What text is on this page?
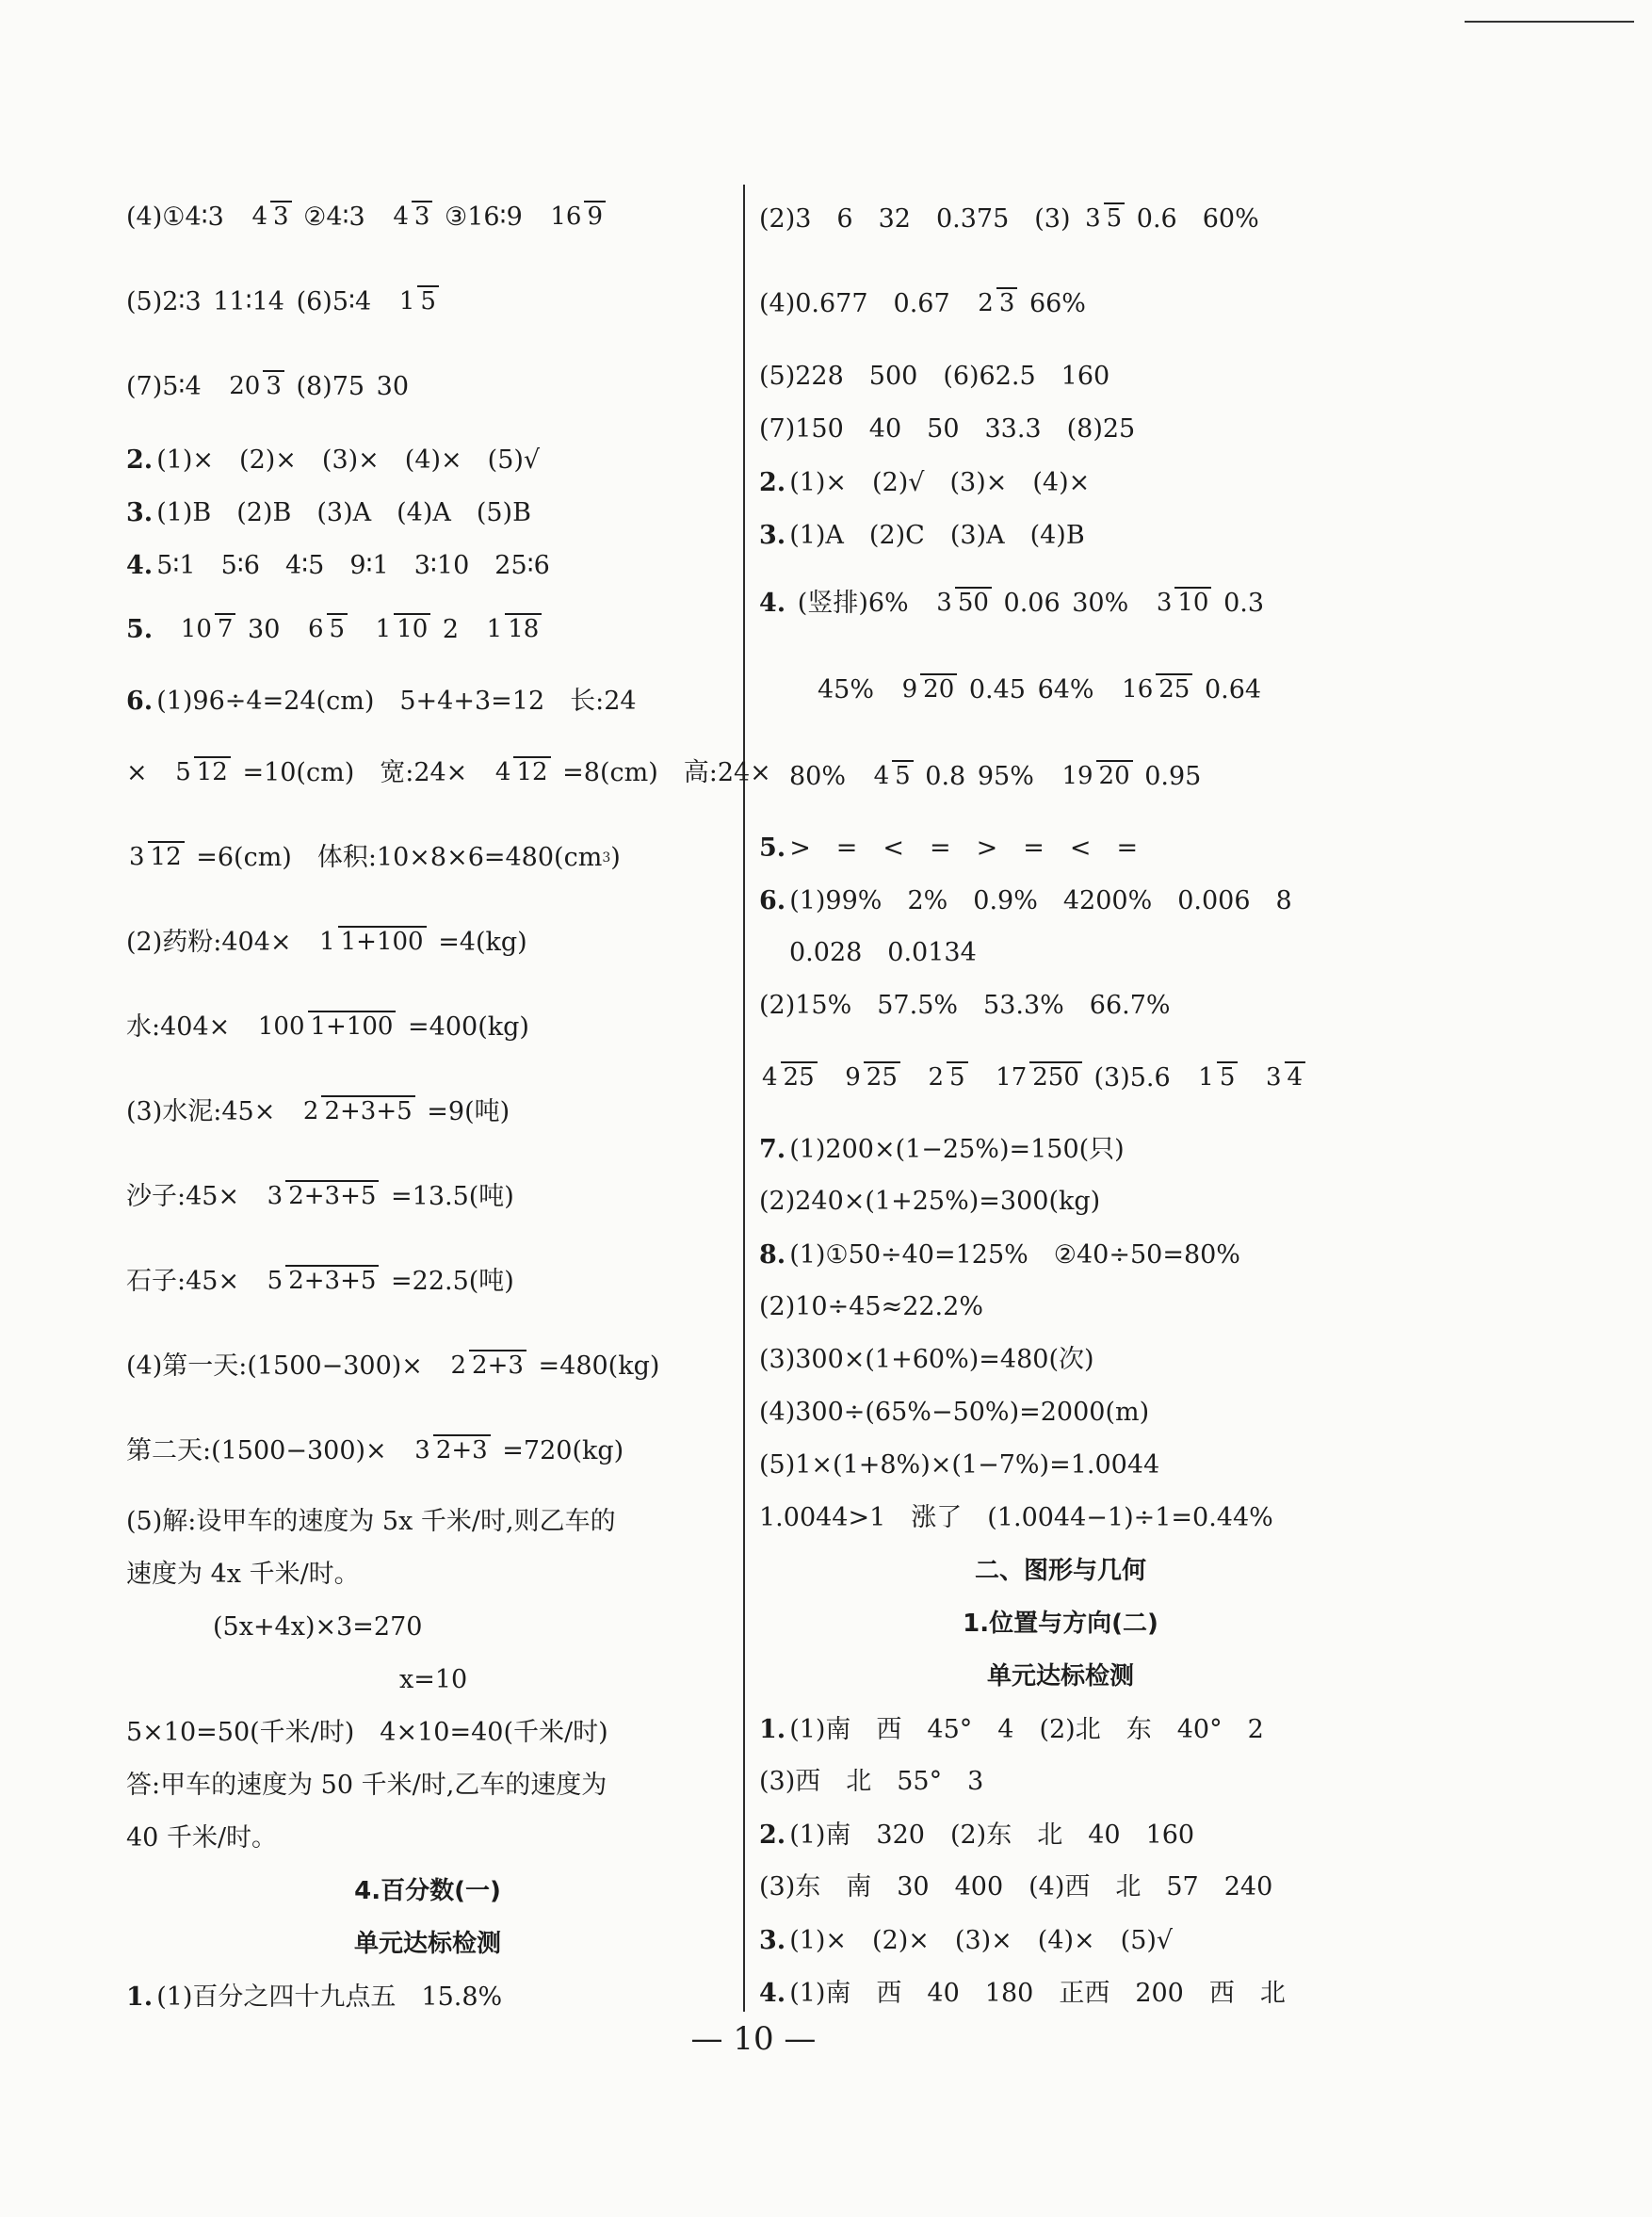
(4)①4∶3 4 3 ②4∶3 4 3 ③16∶9 16 9
(5)2∶3 11∶14 (6)5∶4 1 5
(7)5∶4 20 3 (8)75 30
2. (1)×　(2)×　(3)×　(4)×　(5)√
3. (1)B　(2)B　(3)A　(4)A　(5)B
4. 5∶1　5∶6　4∶5　9∶1　3∶10　25∶6
5. 10 7 30 6 5 1 10 2 1 18
6. (1)96÷4=24(cm)　5+4+3=12　长:24
× 5 12 =10(cm)　宽:24× 4 12 =8(cm)　高:24×
3 12 =6(cm)　体积$:10\times 8\times 6=480(cm^3)$
(2)药粉:404× 1 1+100 =4(kg)
水:404× 100 1+100 =400(kg)
(3)水泥:45× 2 2+3+5 =9(吨)
沙子:45× 3 2+3+5 =13.5(吨)
石子:45× 5 2+3+5 =22.5(吨)
(4)第一天:(1500−300)× 2 2+3 =480(kg)
第二天:(1500−300)× 3 2+3 =720(kg)
(5)解:设甲车的速度为 5x 千米/时,则乙车的
速度为 4x 千米/时。
(5x+4x)×3=270
x=10
5×10=50(千米/时)　4×10=40(千米/时)
答:甲车的速度为 50 千米/时,乙车的速度为
40 千米/时。
4.百分数(一)
单元达标检测
1. (1)百分之四十九点五　15.8%
(2)3　6　32　0.375　(3) 3 5 0.6　60%
(4)0.677　0.67 2 3 66%
(5)228　500　(6)62.5　160
(7)150　40　50　33.3　(8)25
2. (1)×　(2)√　(3)×　(4)×
3. (1)A　(2)C　(3)A　(4)B
4. (竖排)6% 3 50 0.06 30% 3 10 0.3
45% 9 20 0.45 64% 16 25 0.64
80% 4 5 0.8 95% 19 20 0.95
5. >　=　<　=　>　=　<　=
6. (1)99%　2%　0.9%　4200%　0.006　8
0.028　0.0134
(2)15%　57.5%　53.3%　66.7%
4 25 9 25 2 5 17 250 (3)5.6 1 5 3 4
7. (1)200×(1−25%)=150(只)
(2)240×(1+25%)=300(kg)
8. (1)①50÷40=125%　②40÷50=80%
(2)10÷45≈22.2%
(3)300×(1+60%)=480(次)
(4)300÷(65%−50%)=2000(m)
(5)1×(1+8%)×(1−7%)=1.0044
1.0044>1　涨了　(1.0044−1)÷1=0.44%
二、图形与几何
1.位置与方向(二)
单元达标检测
1. (1)南　西　45°　4　(2)北　东　40°　2
(3)西　北　55°　3
2. (1)南　320　(2)东　北　40　160
(3)东　南　30　400　(4)西　北　57　240
3. (1)×　(2)×　(3)×　(4)×　(5)√
4. (1)南　西　40　180　正西　200　西　北
— 10 —
